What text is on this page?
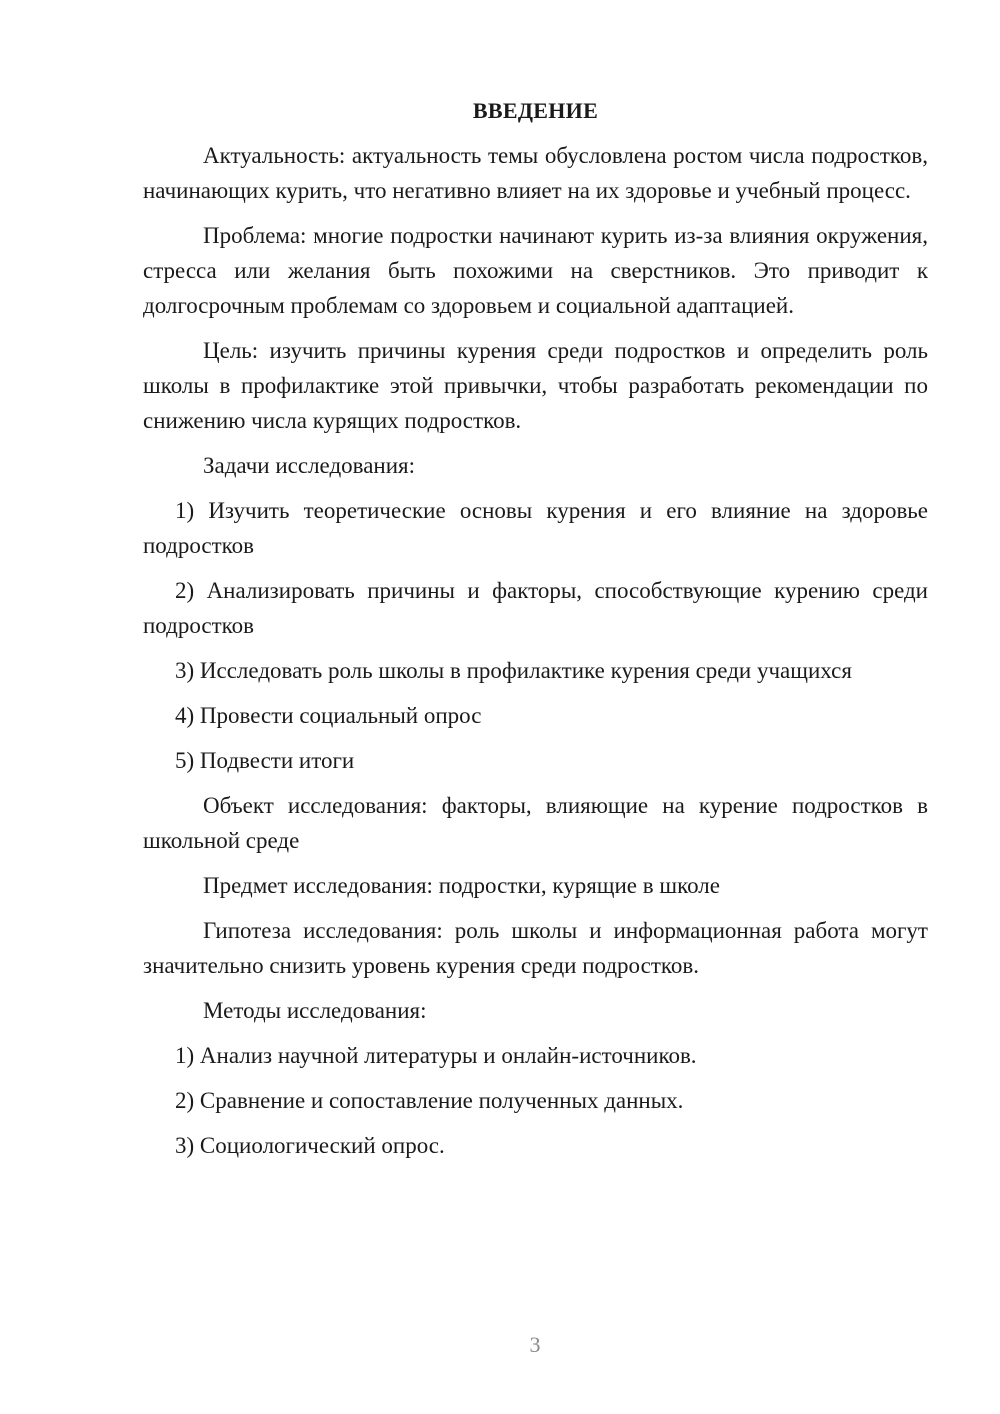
ВВЕДЕНИЕ

Актуальность: актуальность темы обусловлена ростом числа подростков, начинающих курить, что негативно влияет на их здоровье и учебный процесс.

Проблема: многие подростки начинают курить из-за влияния окружения, стресса или желания быть похожими на сверстников. Это приводит к долгосрочным проблемам со здоровьем и социальной адаптацией.

Цель: изучить причины курения среди подростков и определить роль школы в профилактике этой привычки, чтобы разработать рекомендации по снижению числа курящих подростков.

Задачи исследования:

1) Изучить теоретические основы курения и его влияние на здоровье подростков

2) Анализировать причины и факторы, способствующие курению среди подростков

3) Исследовать роль школы в профилактике курения среди учащихся

4) Провести социальный опрос

5) Подвести итоги

Объект исследования: факторы, влияющие на курение подростков в школьной среде

Предмет исследования: подростки, курящие в школе

Гипотеза исследования: роль школы и информационная работа могут значительно снизить уровень курения среди подростков.

Методы исследования:

1) Анализ научной литературы и онлайн-источников.

2) Сравнение и сопоставление полученных данных.

3) Социологический опрос.

3
